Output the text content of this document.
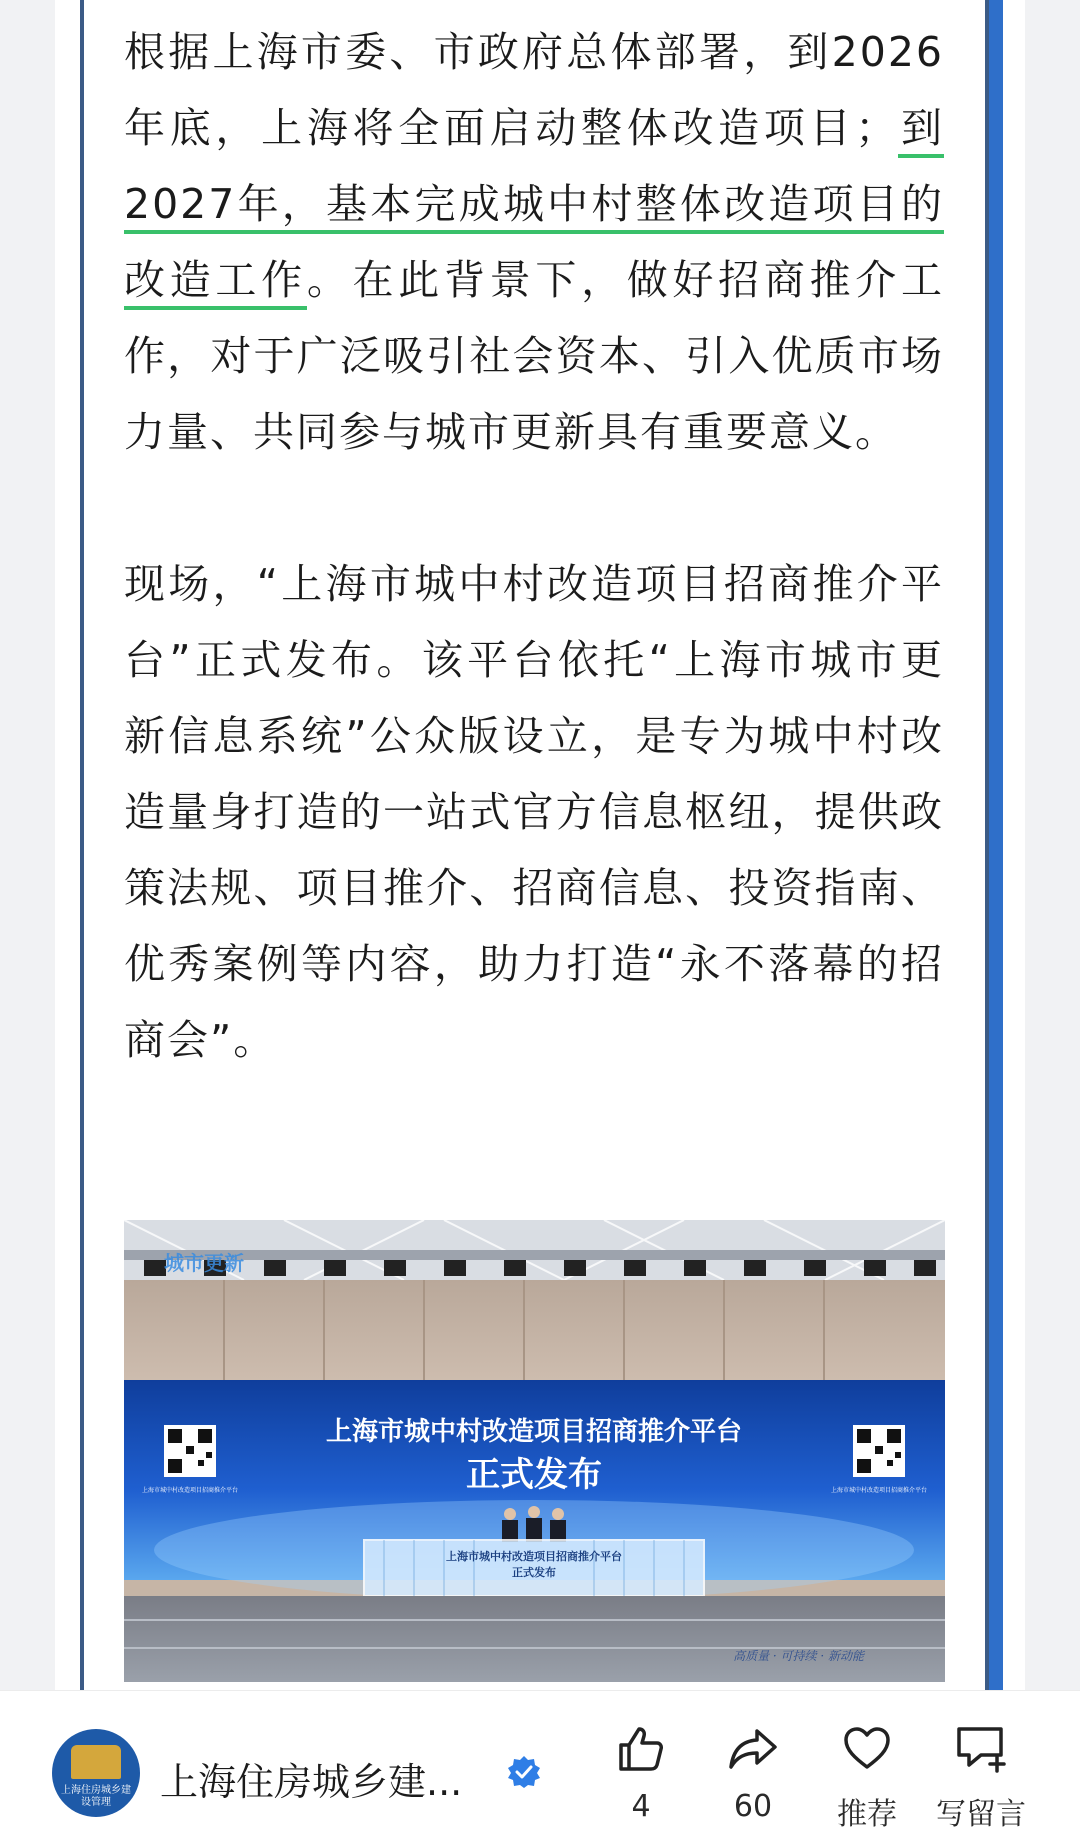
根据上海市委、市政府总体部署，到2026年底，上海将全面启动整体改造项目；到2027年，基本完成城中村整体改造项目的改造工作。在此背景下，做好招商推介工作，对于广泛吸引社会资本、引入优质市场力量、共同参与城市更新具有重要意义。

现场，“上海市城中村改造项目招商推介平台”正式发布。该平台依托“上海市城市更新信息系统”公众版设立，是专为城中村改造量身打造的一站式官方信息枢纽，提供政策法规、项目推介、招商信息、投资指南、优秀案例等内容，助力打造“永不落幕的招商会”。

上海市城中村改造项目招商推介平台	上海市城中村改造项目招商推介平台
上海市城中村改造项目招商推介平台
正式发布
上海市城中村改造项目招商推介平台
正式发布
城市更新
高质量 · 可持续 · 新动能
上海住房城乡建设管理	上海住房城乡建...
4	60	推荐	写留言
